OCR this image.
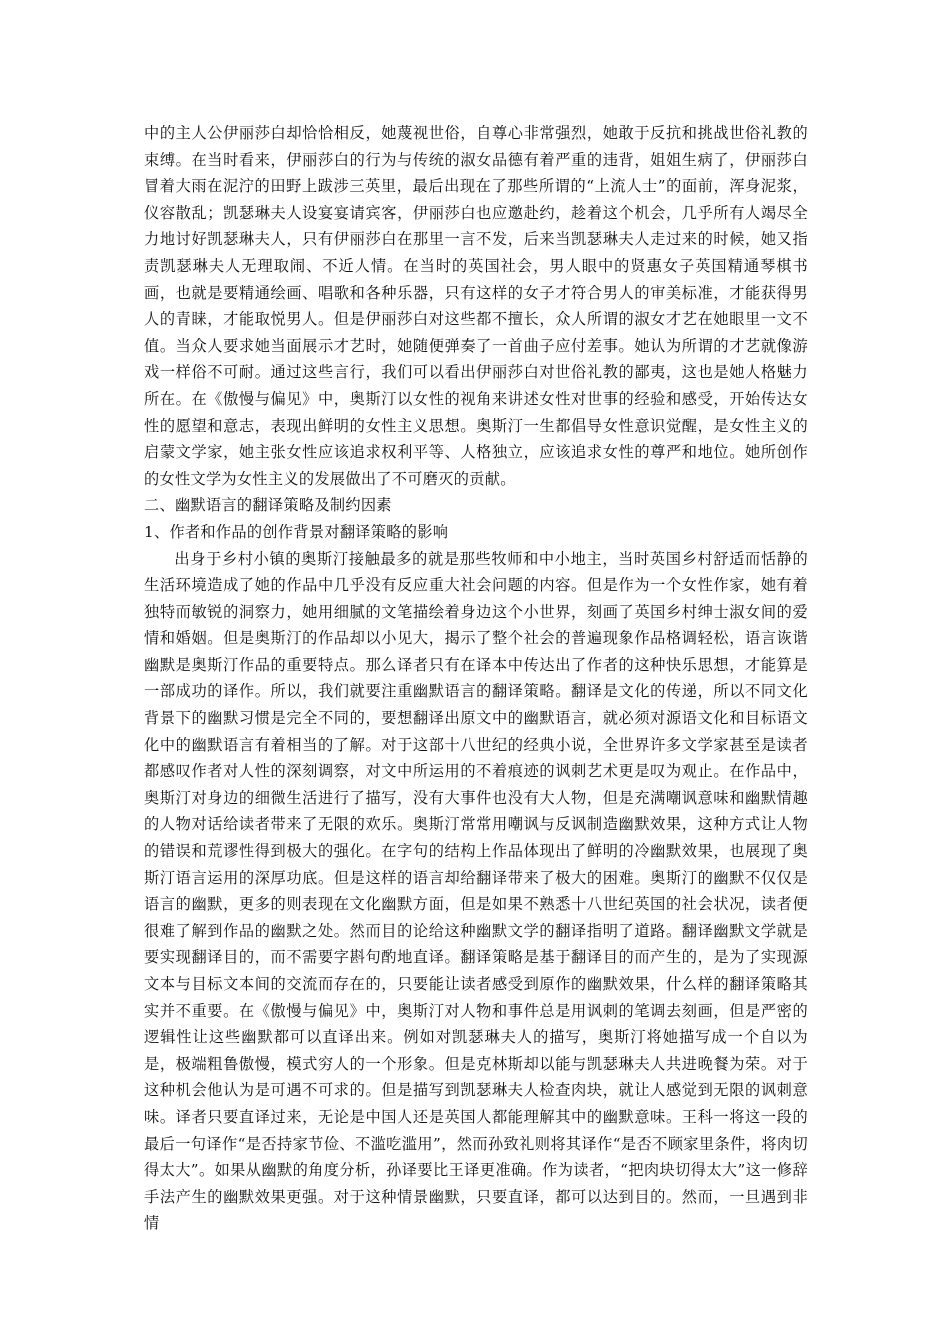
中的主人公伊丽莎白却恰恰相反，她蔑视世俗，自尊心非常强烈，她敢于反抗和挑战世俗礼教的束缚。在当时看来，伊丽莎白的行为与传统的淑女品德有着严重的违背，姐姐生病了，伊丽莎白冒着大雨在泥泞的田野上跋涉三英里，最后出现在了那些所谓的“上流人士”的面前，浑身泥浆，仪容散乱；凯瑟琳夫人设宴宴请宾客，伊丽莎白也应邀赴约，趁着这个机会，几乎所有人竭尽全力地讨好凯瑟琳夫人，只有伊丽莎白在那里一言不发，后来当凯瑟琳夫人走过来的时候，她又指责凯瑟琳夫人无理取闹、不近人情。在当时的英国社会，男人眼中的贤惠女子英国精通琴棋书画，也就是要精通绘画、唱歌和各种乐器，只有这样的女子才符合男人的审美标准，才能获得男人的青睐，才能取悦男人。但是伊丽莎白对这些都不擅长，众人所谓的淑女才艺在她眼里一文不值。当众人要求她当面展示才艺时，她随便弹奏了一首曲子应付差事。她认为所谓的才艺就像游戏一样俗不可耐。通过这些言行，我们可以看出伊丽莎白对世俗礼教的鄙夷，这也是她人格魅力所在。在《傲慢与偏见》中，奥斯汀以女性的视角来讲述女性对世事的经验和感受，开始传达女性的愿望和意志，表现出鲜明的女性主义思想。奥斯汀一生都倡导女性意识觉醒，是女性主义的启蒙文学家，她主张女性应该追求权利平等、人格独立，应该追求女性的尊严和地位。她所创作的女性文学为女性主义的发展做出了不可磨灭的贡献。

二、幽默语言的翻译策略及制约因素

1、作者和作品的创作背景对翻译策略的影响

出身于乡村小镇的奥斯汀接触最多的就是那些牧师和中小地主，当时英国乡村舒适而恬静的生活环境造成了她的作品中几乎没有反应重大社会问题的内容。但是作为一个女性作家，她有着独特而敏锐的洞察力，她用细腻的文笔描绘着身边这个小世界，刻画了英国乡村绅士淑女间的爱情和婚姻。但是奥斯汀的作品却以小见大，揭示了整个社会的普遍现象作品格调轻松，语言诙谐幽默是奥斯汀作品的重要特点。那么译者只有在译本中传达出了作者的这种快乐思想，才能算是一部成功的译作。所以，我们就要注重幽默语言的翻译策略。翻译是文化的传递，所以不同文化背景下的幽默习惯是完全不同的，要想翻译出原文中的幽默语言，就必须对源语文化和目标语文化中的幽默语言有着相当的了解。对于这部十八世纪的经典小说，全世界许多文学家甚至是读者都感叹作者对人性的深刻调察，对文中所运用的不着痕迹的讽刺艺术更是叹为观止。在作品中，奥斯汀对身边的细微生活进行了描写，没有大事件也没有大人物，但是充满嘲讽意味和幽默情趣的人物对话给读者带来了无限的欢乐。奥斯汀常常用嘲讽与反讽制造幽默效果，这种方式让人物的错误和荒谬性得到极大的强化。在字句的结构上作品体现出了鲜明的冷幽默效果，也展现了奥斯汀语言运用的深厚功底。但是这样的语言却给翻译带来了极大的困难。奥斯汀的幽默不仅仅是语言的幽默，更多的则表现在文化幽默方面，但是如果不熟悉十八世纪英国的社会状况，读者便很难了解到作品的幽默之处。然而目的论给这种幽默文学的翻译指明了道路。翻译幽默文学就是要实现翻译目的，而不需要字斟句酌地直译。翻译策略是基于翻译目的而产生的，是为了实现源文本与目标文本间的交流而存在的，只要能让读者感受到原作的幽默效果，什么样的翻译策略其实并不重要。在《傲慢与偏见》中，奥斯汀对人物和事件总是用讽刺的笔调去刻画，但是严密的逻辑性让这些幽默都可以直译出来。例如对凯瑟琳夫人的描写，奥斯汀将她描写成一个自以为是，极端粗鲁傲慢，模式穷人的一个形象。但是克林斯却以能与凯瑟琳夫人共进晚餐为荣。对于这种机会他认为是可遇不可求的。但是描写到凯瑟琳夫人检查肉块，就让人感觉到无限的讽刺意味。译者只要直译过来，无论是中国人还是英国人都能理解其中的幽默意味。王科一将这一段的最后一句译作“是否持家节俭、不滥吃滥用”，然而孙致礼则将其译作“是否不顾家里条件，将肉切得太大”。如果从幽默的角度分析，孙译要比王译更准确。作为读者，“把肉块切得太大”这一修辞手法产生的幽默效果更强。对于这种情景幽默，只要直译，都可以达到目的。然而，一旦遇到非情
